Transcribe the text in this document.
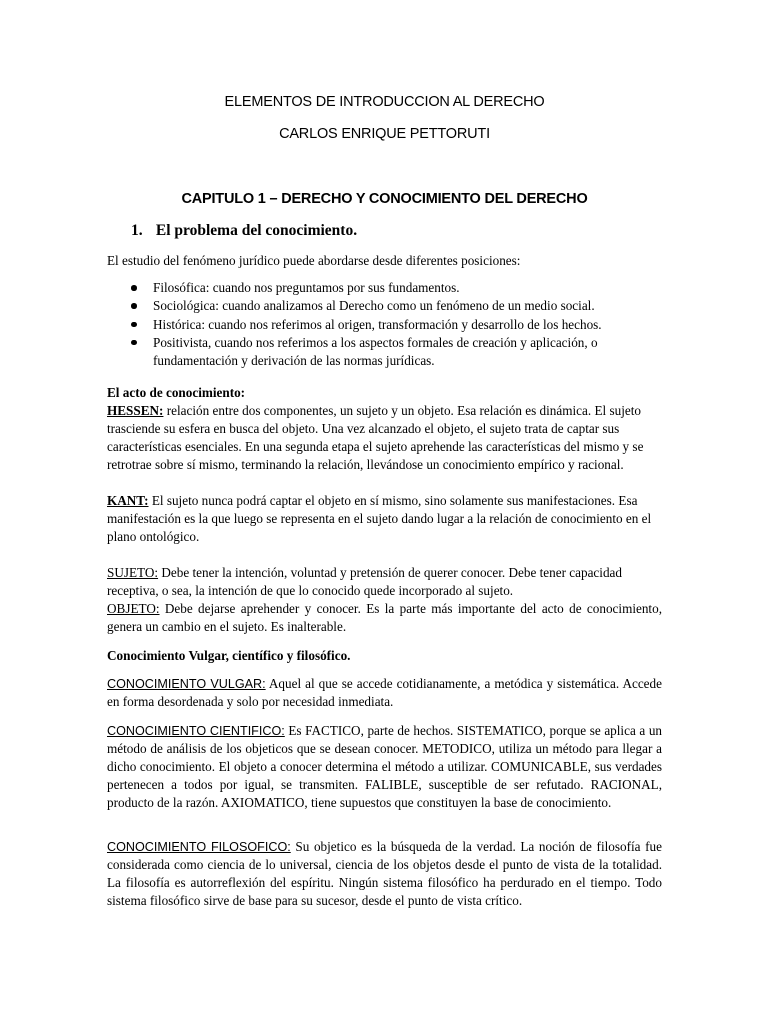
ELEMENTOS DE INTRODUCCION AL DERECHO
CARLOS ENRIQUE PETTORUTI
CAPITULO 1 – DERECHO Y CONOCIMIENTO DEL DERECHO
1. El problema del conocimiento.
El estudio del fenómeno jurídico puede abordarse desde diferentes posiciones:
Filosófica: cuando nos preguntamos por sus fundamentos.
Sociológica: cuando analizamos al Derecho como un fenómeno de un medio social.
Histórica: cuando nos referimos al origen, transformación y desarrollo de los hechos.
Positivista, cuando nos referimos a los aspectos formales de creación y aplicación, o fundamentación y derivación de las normas jurídicas.
El acto de conocimiento:
HESSEN: relación entre dos componentes, un sujeto y un objeto. Esa relación es dinámica. El sujeto trasciende su esfera en busca del objeto. Una vez alcanzado el objeto, el sujeto trata de captar sus características esenciales. En una segunda etapa el sujeto aprehende las características del mismo y se retrotrae sobre sí mismo, terminando la relación, llevándose un conocimiento empírico y racional.
KANT: El sujeto nunca podrá captar el objeto en sí mismo, sino solamente sus manifestaciones. Esa manifestación es la que luego se representa en el sujeto dando lugar a la relación de conocimiento en el plano ontológico.
SUJETO: Debe tener la intención, voluntad y pretensión de querer conocer. Debe tener capacidad receptiva, o sea, la intención de que lo conocido quede incorporado al sujeto.
OBJETO: Debe dejarse aprehender y conocer. Es la parte más importante del acto de conocimiento, genera un cambio en el sujeto. Es inalterable.
Conocimiento Vulgar, científico y filosófico.
CONOCIMIENTO VULGAR: Aquel al que se accede cotidianamente, a metódica y sistemática. Accede en forma desordenada y solo por necesidad inmediata.
CONOCIMIENTO CIENTIFICO: Es FACTICO, parte de hechos. SISTEMATICO, porque se aplica a un método de análisis de los objeticos que se desean conocer. METODICO, utiliza un método para llegar a dicho conocimiento. El objeto a conocer determina el método a utilizar. COMUNICABLE, sus verdades pertenecen a todos por igual, se transmiten. FALIBLE, susceptible de ser refutado. RACIONAL, producto de la razón. AXIOMATICO, tiene supuestos que constituyen la base de conocimiento.
CONOCIMIENTO FILOSOFICO: Su objetico es la búsqueda de la verdad. La noción de filosofía fue considerada como ciencia de lo universal, ciencia de los objetos desde el punto de vista de la totalidad. La filosofía es autorreflexión del espíritu. Ningún sistema filosófico ha perdurado en el tiempo. Todo sistema filosófico sirve de base para su sucesor, desde el punto de vista crítico.
